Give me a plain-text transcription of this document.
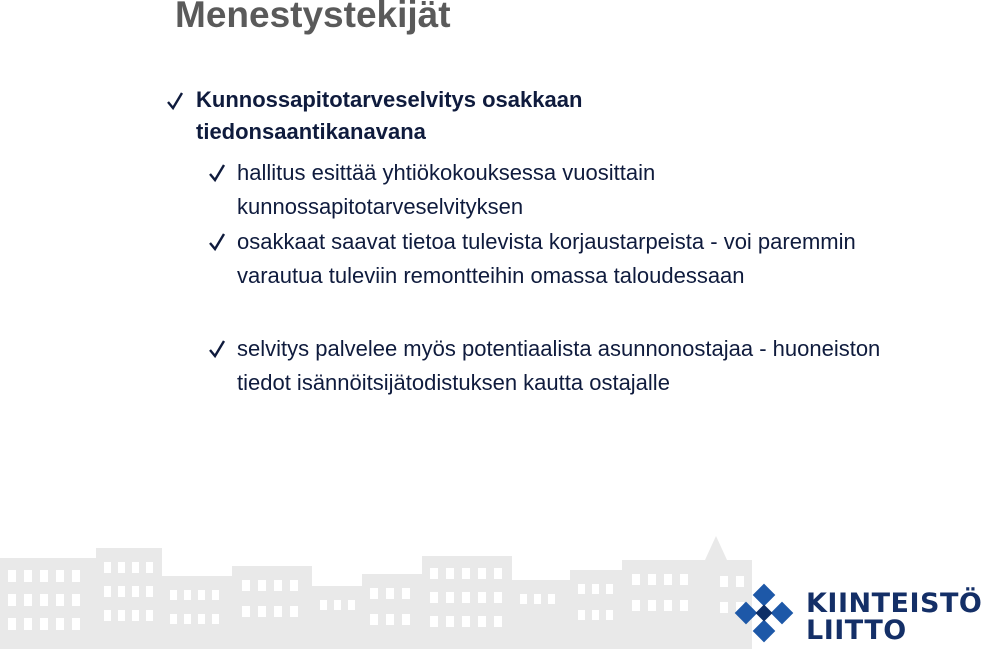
Menestystekijät
Kunnossapitotarveselvitys osakkaan tiedonsaantikanavana
hallitus esittää yhtiökokouksessa vuosittain kunnossapitotarveselvityksen
osakkaat saavat tietoa tulevista korjaustarpeista - voi paremmin varautua tuleviin remontteihin omassa taloudessaan
selvitys palvelee myös potentiaalista asunnonostajaa - huoneiston tiedot isännöitsijätodistuksen kautta ostajalle
KIINTEISTÖ
LIITTO
